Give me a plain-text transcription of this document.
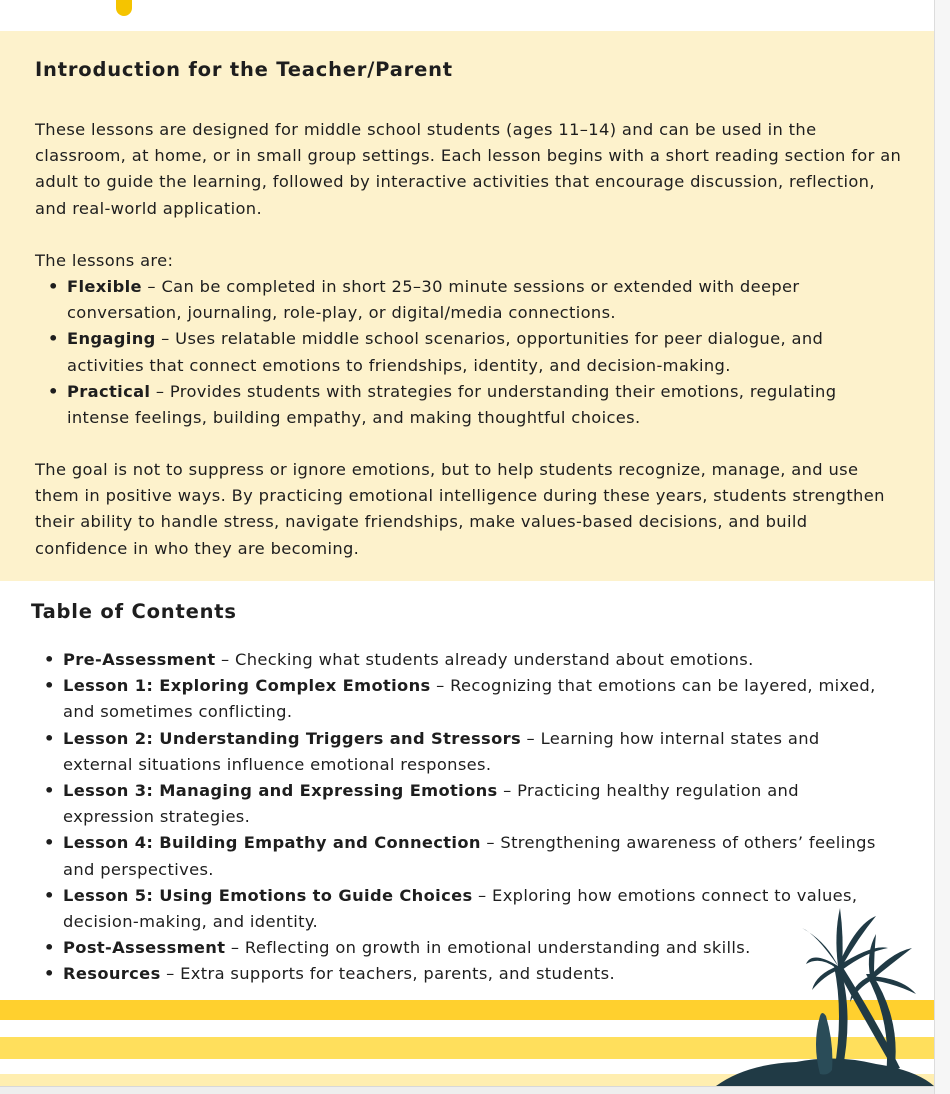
Introduction for the Teacher/Parent

These lessons are designed for middle school students (ages 11–14) and can be used in the classroom, at home, or in small group settings. Each lesson begins with a short reading section for an adult to guide the learning, followed by interactive activities that encourage discussion, reflection, and real-world application.

The lessons are:

• Flexible – Can be completed in short 25–30 minute sessions or extended with deeper conversation, journaling, role-play, or digital/media connections.
• Engaging – Uses relatable middle school scenarios, opportunities for peer dialogue, and activities that connect emotions to friendships, identity, and decision-making.
• Practical – Provides students with strategies for understanding their emotions, regulating intense feelings, building empathy, and making thoughtful choices.

The goal is not to suppress or ignore emotions, but to help students recognize, manage, and use them in positive ways. By practicing emotional intelligence during these years, students strengthen their ability to handle stress, navigate friendships, make values-based decisions, and build confidence in who they are becoming.

Table of Contents
• Pre-Assessment – Checking what students already understand about emotions.
• Lesson 1: Exploring Complex Emotions – Recognizing that emotions can be layered, mixed, and sometimes conflicting.
• Lesson 2: Understanding Triggers and Stressors – Learning how internal states and external situations influence emotional responses.
• Lesson 3: Managing and Expressing Emotions – Practicing healthy regulation and expression strategies.
• Lesson 4: Building Empathy and Connection – Strengthening awareness of others’ feelings and perspectives.
• Lesson 5: Using Emotions to Guide Choices – Exploring how emotions connect to values, decision-making, and identity.
• Post-Assessment – Reflecting on growth in emotional understanding and skills.
• Resources – Extra supports for teachers, parents, and students.
